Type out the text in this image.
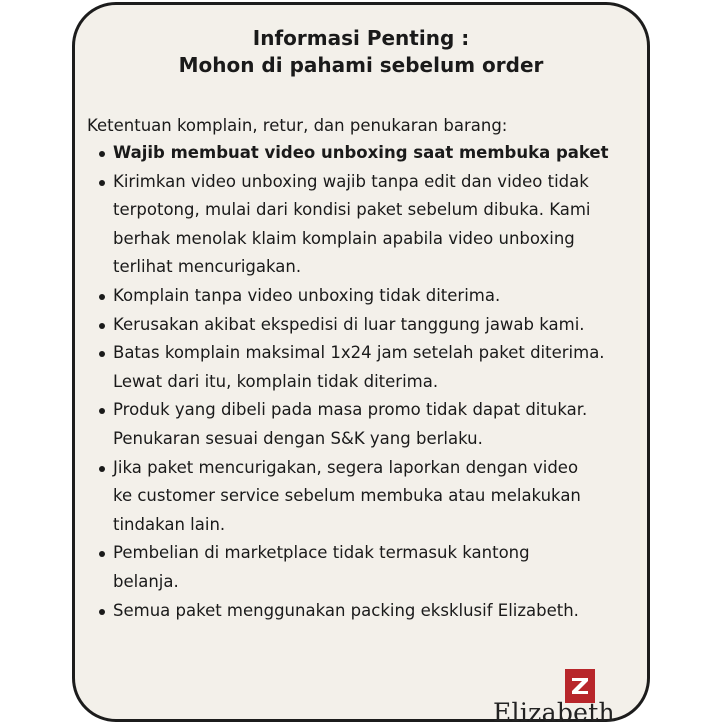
Informasi Penting :
Mohon di pahami sebelum order

Ketentuan komplain, retur, dan penukaran barang:

Wajib membuat video unboxing saat membuka paket
Kirimkan video unboxing wajib tanpa edit dan video tidak
terpotong, mulai dari kondisi paket sebelum dibuka. Kami
berhak menolak klaim komplain apabila video unboxing
terlihat mencurigakan.
Komplain tanpa video unboxing tidak diterima.
Kerusakan akibat ekspedisi di luar tanggung jawab kami.
Batas komplain maksimal 1x24 jam setelah paket diterima.
Lewat dari itu, komplain tidak diterima.
Produk yang dibeli pada masa promo tidak dapat ditukar.
Penukaran sesuai dengan S&K yang berlaku.
Jika paket mencurigakan, segera laporkan dengan video
ke customer service sebelum membuka atau melakukan
tindakan lain.
Pembelian di marketplace tidak termasuk kantong
belanja.
Semua paket menggunakan packing eksklusif Elizabeth.
Elizabeth
